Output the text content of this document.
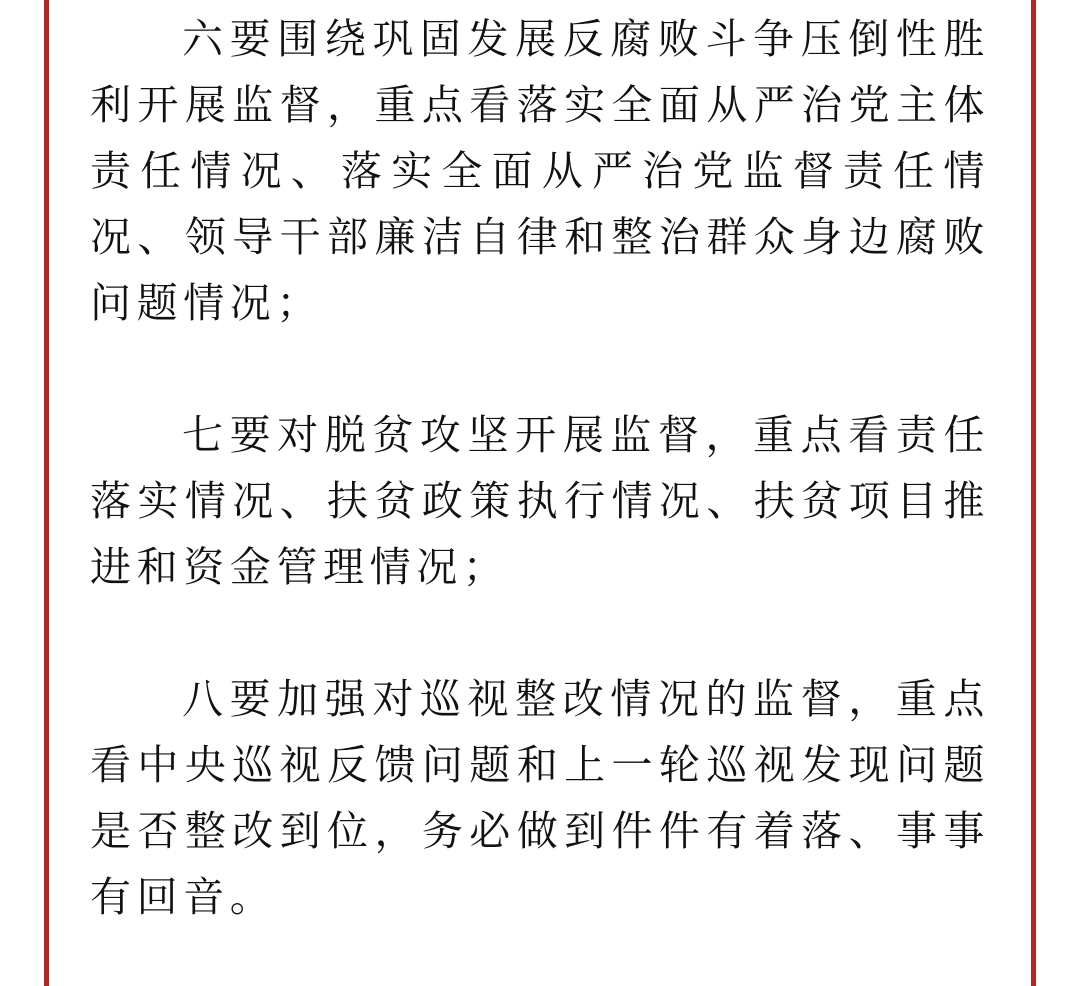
六要围绕巩固发展反腐败斗争压倒性胜利开展监督，重点看落实全面从严治党主体责任情况、落实全面从严治党监督责任情况、领导干部廉洁自律和整治群众身边腐败问题情况；

七要对脱贫攻坚开展监督，重点看责任落实情况、扶贫政策执行情况、扶贫项目推进和资金管理情况；

八要加强对巡视整改情况的监督，重点看中央巡视反馈问题和上一轮巡视发现问题是否整改到位，务必做到件件有着落、事事有回音。
